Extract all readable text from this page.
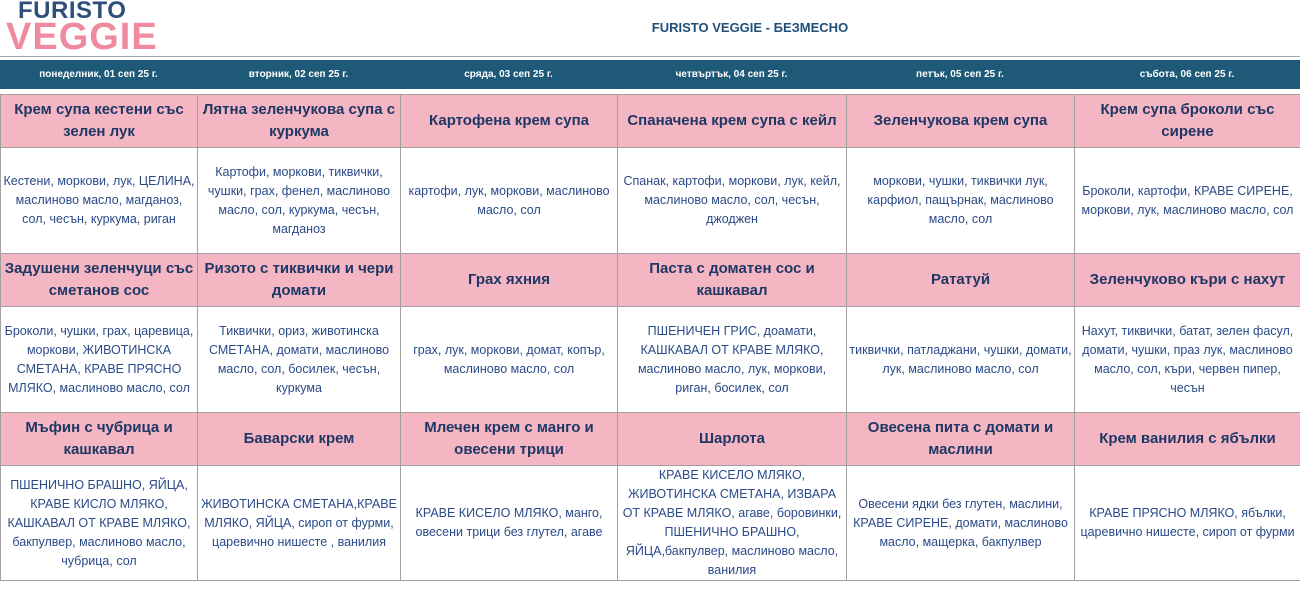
FURISTO
VEGGIE	FURISTO VEGGIE - БЕЗМЕСНО
понеделник, 01 сеп 25 г.	вторник, 02 сеп 25 г.	сряда, 03 сеп 25 г.	четвъртък, 04 сеп 25 г.	петък, 05 сеп 25 г.	събота, 06 сеп 25 г.
Крем супа кестени със зелен лук	Лятна зеленчукова супа с куркума	Картофена крем супа	Спаначена крем супа с кейл	Зеленчукова крем супа	Крем супа броколи със сирене
Кестени, моркови, лук, ЦЕЛИНА, маслиново масло, магданоз, сол, чесън, куркума, риган	Картофи, моркови, тиквички, чушки, грах, фенел, маслиново масло, сол, куркума, чесън, магданоз	картофи, лук, моркови, маслиново масло, сол	Спанак, картофи, моркови, лук, кейл, маслиново масло, сол, чесън, джоджен	моркови, чушки, тиквички лук, карфиол, пащърнак, маслиново масло, сол	Броколи, картофи, КРАВЕ СИРЕНЕ, моркови, лук, маслиново масло, сол
Задушени зеленчуци със сметанов сос	Ризото с тиквички и чери домати	Грах яхния	Паста с доматен сос и кашкавал	Рататуй	Зеленчуково къри с нахут
Броколи, чушки, грах, царевица, моркови, ЖИВОТИНСКА СМЕТАНА, КРАВЕ ПРЯСНО МЛЯКО, маслиново масло, сол	Тиквички, ориз, животинска СМЕТАНА, домати, маслиново масло, сол, босилек, чесън, куркума	грах, лук, моркови, домат, копър, маслиново масло, сол	ПШЕНИЧЕН ГРИС, доамати, КАШКАВАЛ ОТ КРАВЕ МЛЯКО, маслиново масло, лук, моркови, риган, босилек, сол	тиквички, патладжани, чушки, домати, лук, маслиново масло, сол	Нахут, тиквички, батат, зелен фасул, домати, чушки, праз лук, маслиново масло, сол, къри, червен пипер, чесън
Мъфин с чубрица и кашкавал	Баварски крем	Млечен крем с манго и овесени трици	Шарлота	Овесена пита с домати и маслини	Крем ванилия с ябълки
ПШЕНИЧНО БРАШНО, ЯЙЦА, КРАВЕ КИСЛО МЛЯКО, КАШКАВАЛ ОТ КРАВЕ МЛЯКО, бакпулвер, маслиново масло, чубрица, сол	ЖИВОТИНСКА СМЕТАНА,КРАВЕ МЛЯКО, ЯЙЦА, сироп от фурми, царевично нишесте , ванилия	КРАВЕ КИСЕЛО МЛЯКО, манго, овесени трици без глутел, агаве	КРАВЕ КИСЕЛО МЛЯКО, ЖИВОТИНСКА СМЕТАНА, ИЗВАРА ОТ КРАВЕ МЛЯКО, агаве, боровинки, ПШЕНИЧНО БРАШНО, ЯЙЦА,бакпулвер, маслиново масло, ванилия	Овесени ядки без глутен, маслини, КРАВЕ СИРЕНЕ, домати, маслиново масло, мащерка, бакпулвер	КРАВЕ ПРЯСНО МЛЯКО, ябълки, царевично нишесте, сироп от фурми
